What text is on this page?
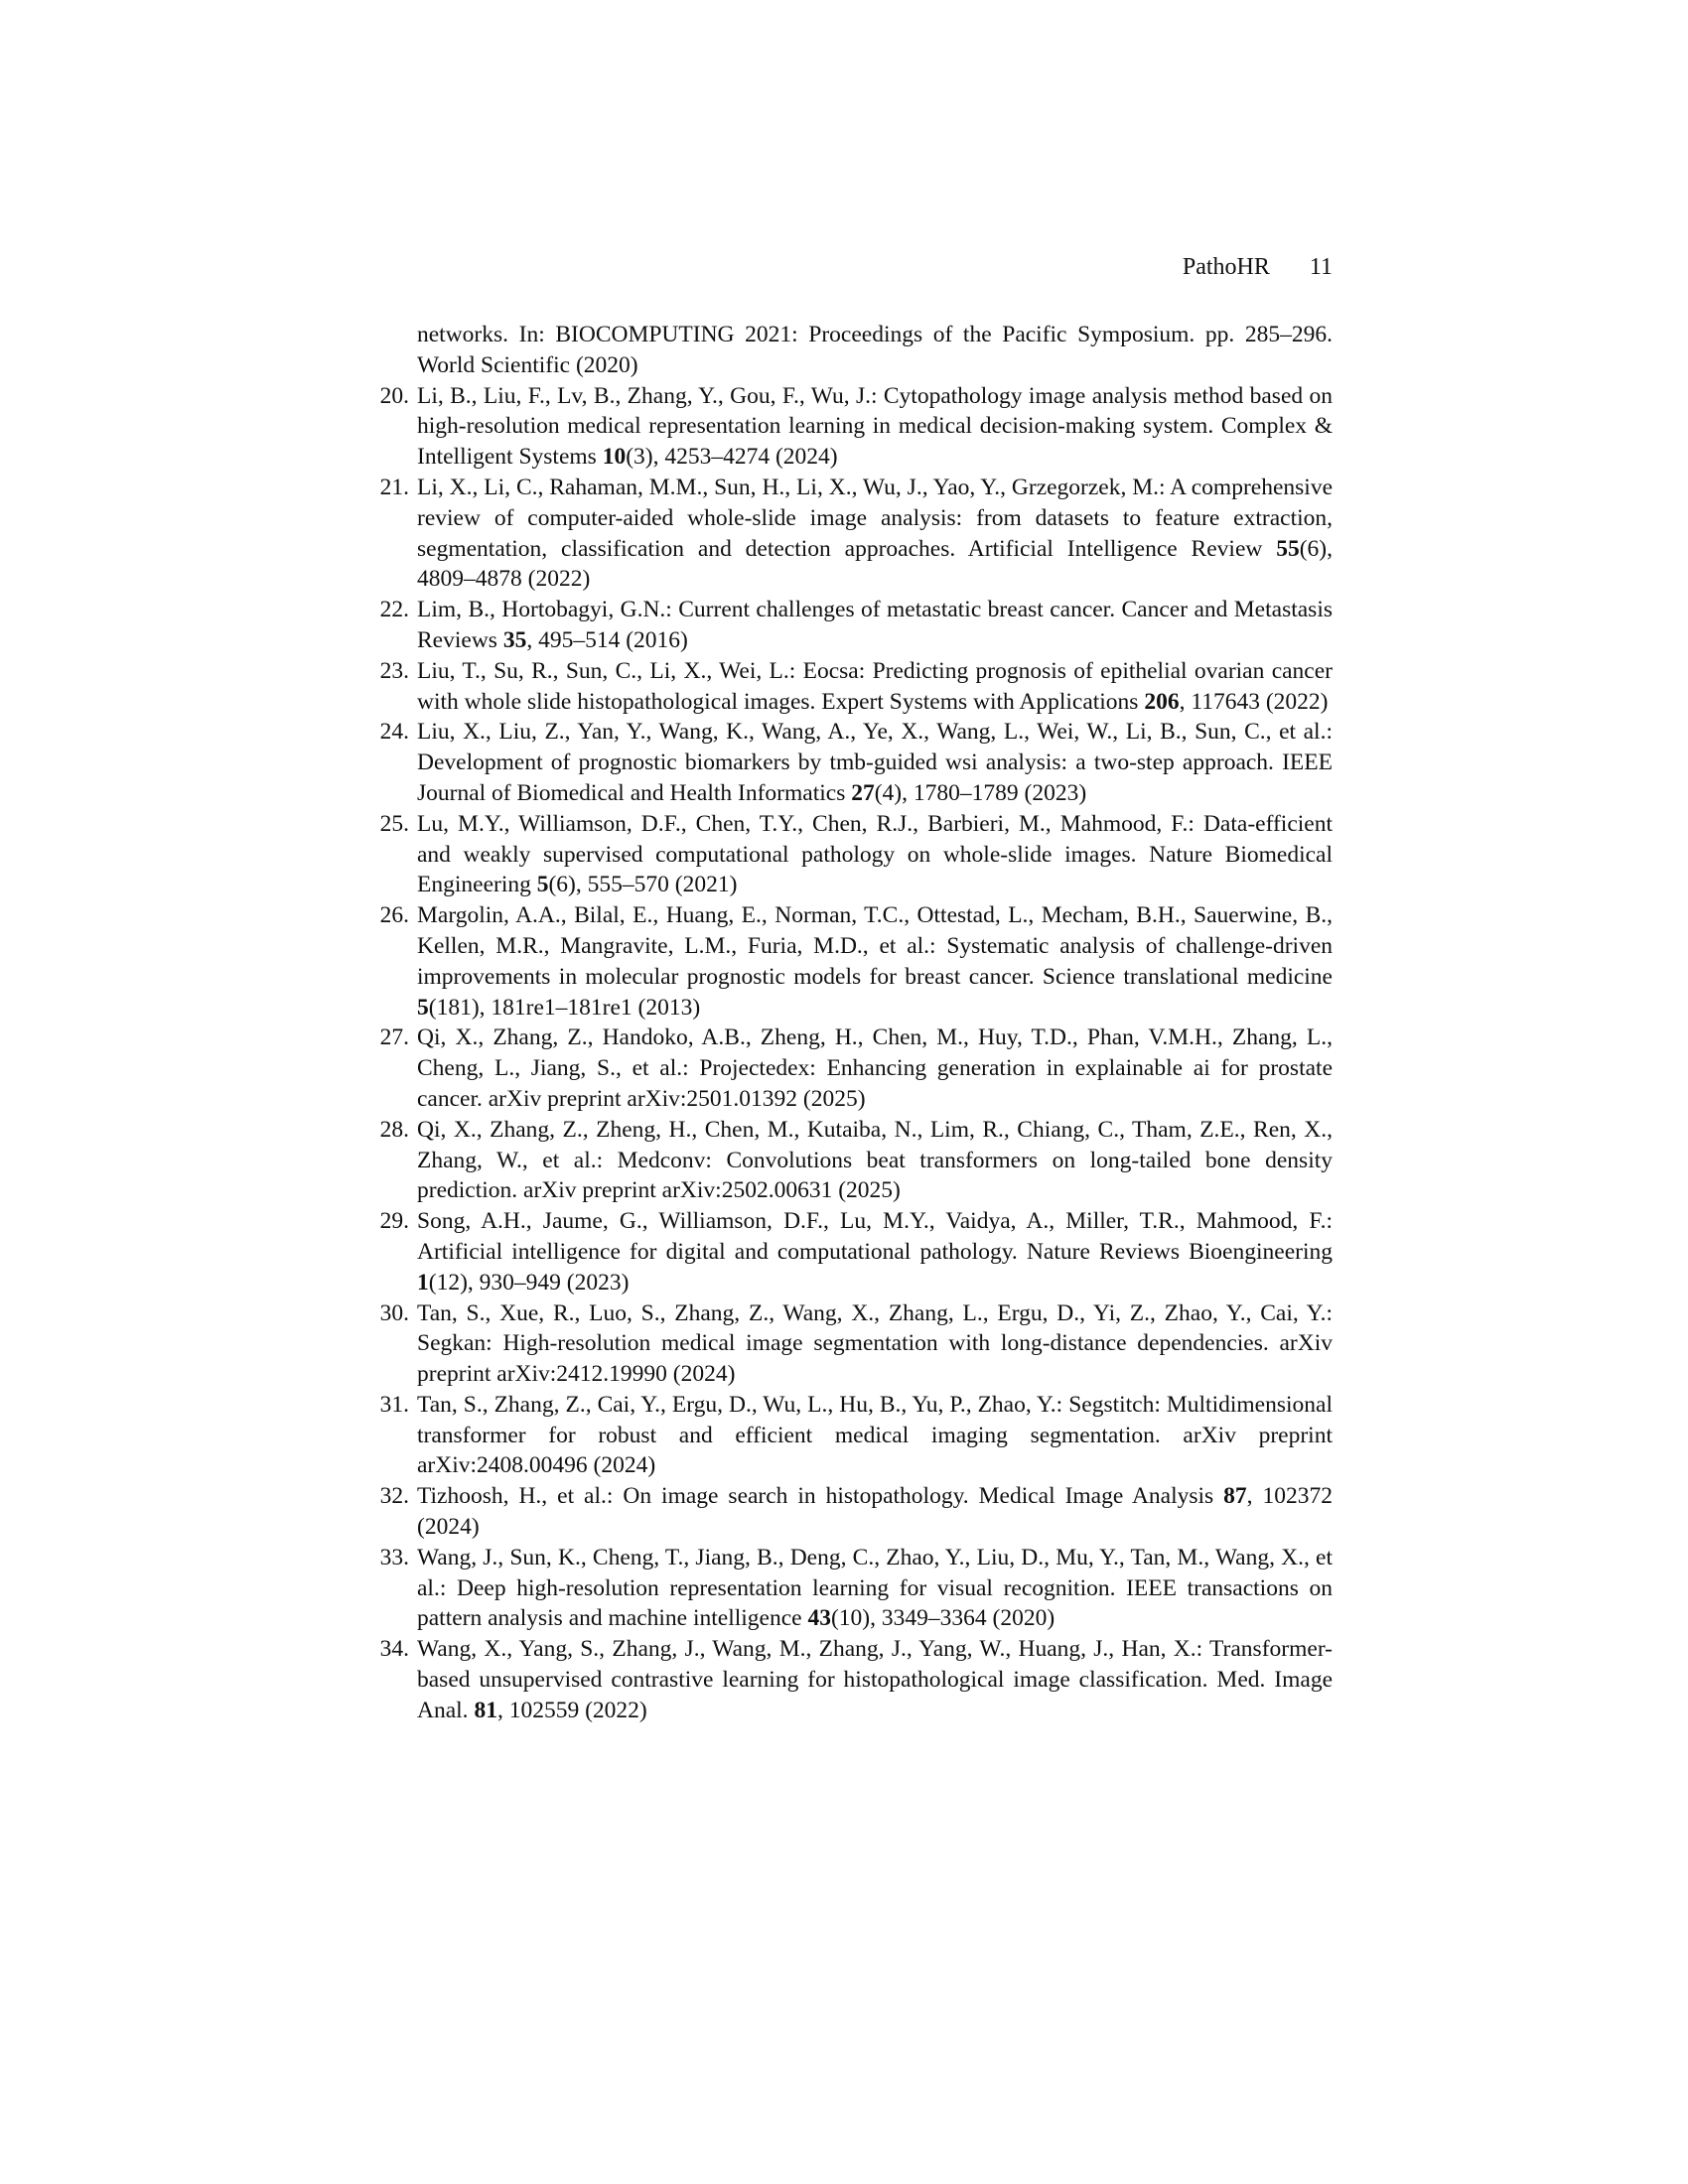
PathoHR 11
networks. In: BIOCOMPUTING 2021: Proceedings of the Pacific Symposium. pp. 285–296. World Scientific (2020)
20. Li, B., Liu, F., Lv, B., Zhang, Y., Gou, F., Wu, J.: Cytopathology image analysis method based on high-resolution medical representation learning in medical decision-making system. Complex & Intelligent Systems 10(3), 4253–4274 (2024)
21. Li, X., Li, C., Rahaman, M.M., Sun, H., Li, X., Wu, J., Yao, Y., Grzegorzek, M.: A comprehensive review of computer-aided whole-slide image analysis: from datasets to feature extraction, segmentation, classification and detection approaches. Artificial Intelligence Review 55(6), 4809–4878 (2022)
22. Lim, B., Hortobagyi, G.N.: Current challenges of metastatic breast cancer. Cancer and Metastasis Reviews 35, 495–514 (2016)
23. Liu, T., Su, R., Sun, C., Li, X., Wei, L.: Eocsa: Predicting prognosis of epithelial ovarian cancer with whole slide histopathological images. Expert Systems with Applications 206, 117643 (2022)
24. Liu, X., Liu, Z., Yan, Y., Wang, K., Wang, A., Ye, X., Wang, L., Wei, W., Li, B., Sun, C., et al.: Development of prognostic biomarkers by tmb-guided wsi analysis: a two-step approach. IEEE Journal of Biomedical and Health Informatics 27(4), 1780–1789 (2023)
25. Lu, M.Y., Williamson, D.F., Chen, T.Y., Chen, R.J., Barbieri, M., Mahmood, F.: Data-efficient and weakly supervised computational pathology on whole-slide images. Nature Biomedical Engineering 5(6), 555–570 (2021)
26. Margolin, A.A., Bilal, E., Huang, E., Norman, T.C., Ottestad, L., Mecham, B.H., Sauerwine, B., Kellen, M.R., Mangravite, L.M., Furia, M.D., et al.: Systematic analysis of challenge-driven improvements in molecular prognostic models for breast cancer. Science translational medicine 5(181), 181re1–181re1 (2013)
27. Qi, X., Zhang, Z., Handoko, A.B., Zheng, H., Chen, M., Huy, T.D., Phan, V.M.H., Zhang, L., Cheng, L., Jiang, S., et al.: Projectedex: Enhancing generation in explainable ai for prostate cancer. arXiv preprint arXiv:2501.01392 (2025)
28. Qi, X., Zhang, Z., Zheng, H., Chen, M., Kutaiba, N., Lim, R., Chiang, C., Tham, Z.E., Ren, X., Zhang, W., et al.: Medconv: Convolutions beat transformers on long-tailed bone density prediction. arXiv preprint arXiv:2502.00631 (2025)
29. Song, A.H., Jaume, G., Williamson, D.F., Lu, M.Y., Vaidya, A., Miller, T.R., Mahmood, F.: Artificial intelligence for digital and computational pathology. Nature Reviews Bioengineering 1(12), 930–949 (2023)
30. Tan, S., Xue, R., Luo, S., Zhang, Z., Wang, X., Zhang, L., Ergu, D., Yi, Z., Zhao, Y., Cai, Y.: Segkan: High-resolution medical image segmentation with long-distance dependencies. arXiv preprint arXiv:2412.19990 (2024)
31. Tan, S., Zhang, Z., Cai, Y., Ergu, D., Wu, L., Hu, B., Yu, P., Zhao, Y.: Segstitch: Multidimensional transformer for robust and efficient medical imaging segmentation. arXiv preprint arXiv:2408.00496 (2024)
32. Tizhoosh, H., et al.: On image search in histopathology. Medical Image Analysis 87, 102372 (2024)
33. Wang, J., Sun, K., Cheng, T., Jiang, B., Deng, C., Zhao, Y., Liu, D., Mu, Y., Tan, M., Wang, X., et al.: Deep high-resolution representation learning for visual recognition. IEEE transactions on pattern analysis and machine intelligence 43(10), 3349–3364 (2020)
34. Wang, X., Yang, S., Zhang, J., Wang, M., Zhang, J., Yang, W., Huang, J., Han, X.: Transformer-based unsupervised contrastive learning for histopathological image classification. Med. Image Anal. 81, 102559 (2022)
